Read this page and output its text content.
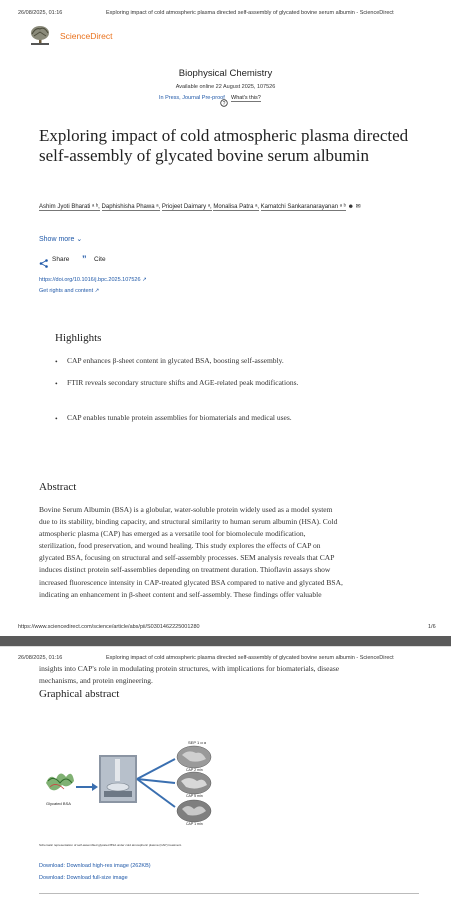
26/08/2025, 01:16	Exploring impact of cold atmospheric plasma directed self-assembly of glycated bovine serum albumin - ScienceDirect
ScienceDirect
Biophysical Chemistry
Available online 22 August 2025, 107526
In Press, Journal Pre-proof
?
What's this?
Exploring impact of cold atmospheric plasma directed self-assembly of glycated bovine serum albumin
Ashim Jyoti Bharati ᵃ ᵇ, Daphishisha Phawa ᵃ, Priojeet Daimary ᵃ, Monalisa Patra ᵃ, Kamatchi Sankaranarayanan ᵃ ᵇ ☻ ✉
Show more ⌄
Share ” Cite
https://doi.org/10.1016/j.bpc.2025.107526 ↗
Get rights and content ↗
Highlights
•	CAP enhances β-sheet content in glycated BSA, boosting self-assembly.
•	FTIR reveals secondary structure shifts and AGE-related peak modifications.
•	CAP enables tunable protein assemblies for biomaterials and medical uses.
Abstract
Bovine Serum Albumin (BSA) is a globular, water-soluble protein widely used as a model system
due to its stability, binding capacity, and structural similarity to human serum albumin (HSA). Cold
atmospheric plasma (CAP) has emerged as a versatile tool for biomolecule modification,
sterilization, food preservation, and wound healing. This study explores the effects of CAP on
glycated BSA, focusing on structural and self-assembly processes. SEM analysis reveals that CAP
induces distinct protein self-assemblies depending on treatment duration. Thioflavin assays show
increased fluorescence intensity in CAP-treated glycated BSA compared to native and glycated BSA,
indicating an enhancement in β-sheet content and self-assembly. These findings offer valuable
https://www.sciencedirect.com/science/article/abs/pii/S0301462225001280	1/6
26/08/2025, 01:16	Exploring impact of cold atmospheric plasma directed self-assembly of glycated bovine serum albumin - ScienceDirect
insights into CAP's role in modulating protein structures, with implications for biomaterials, disease
mechanisms, and protein engineering.
Graphical abstract
Glycated BSA
SEP 1 α α
CAP 2 min
CAP 5 min
CAP 1 min
Schematic representation of self-assembled glycated BSA under cold atmospheric plasma (CAP) treatment.
Download: Download high-res image (262KB)
Download: Download full-size image
